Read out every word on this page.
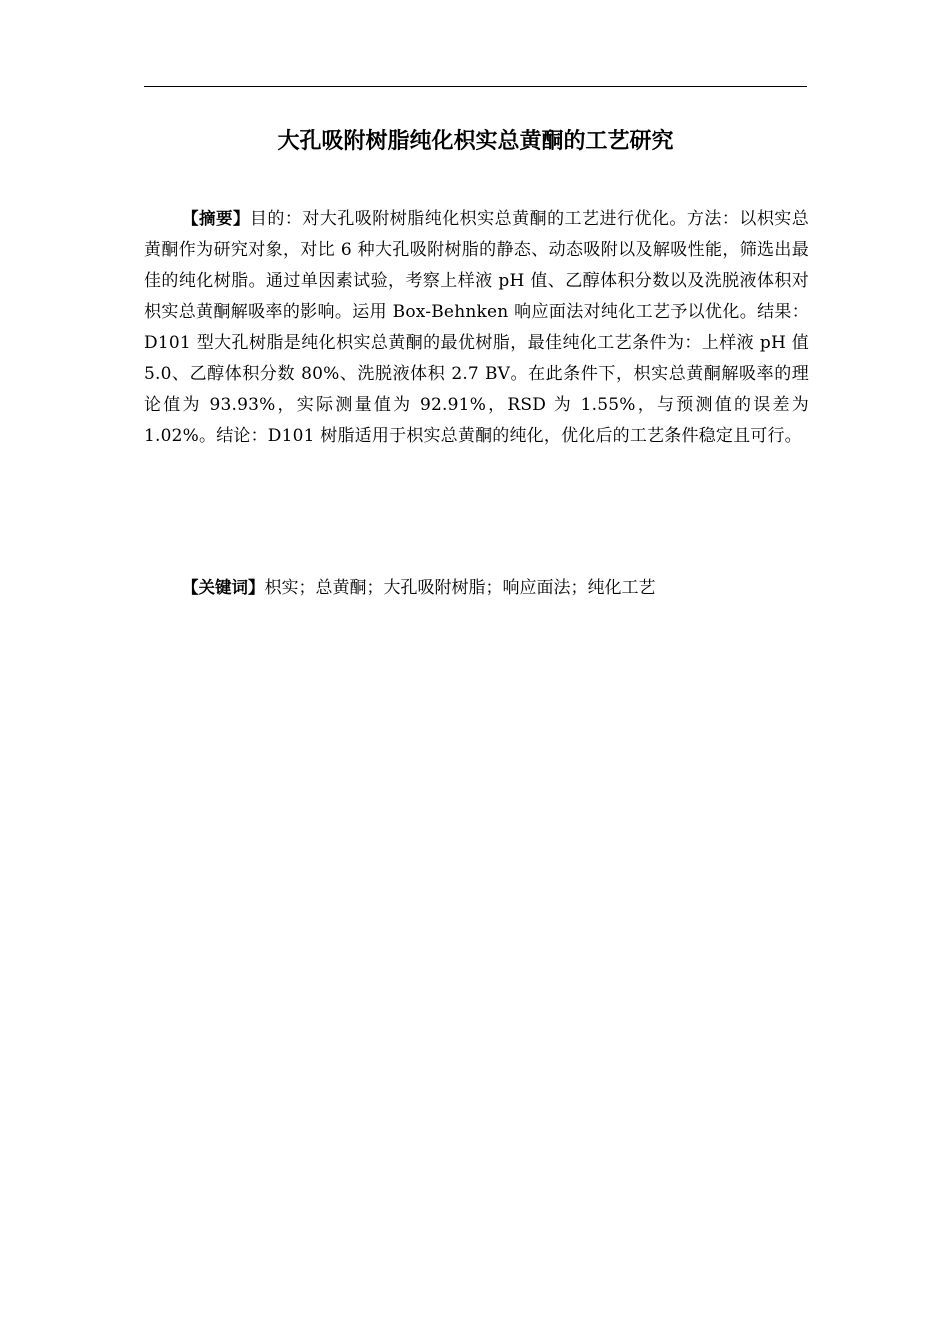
大孔吸附树脂纯化枳实总黄酮的工艺研究

【摘要】目的：对大孔吸附树脂纯化枳实总黄酮的工艺进行优化。方法：以枳实总黄酮作为研究对象，对比 6 种大孔吸附树脂的静态、动态吸附以及解吸性能，筛选出最佳的纯化树脂。通过单因素试验，考察上样液 pH 值、乙醇体积分数以及洗脱液体积对枳实总黄酮解吸率的影响。运用 Box-Behnken 响应面法对纯化工艺予以优化。结果：D101 型大孔树脂是纯化枳实总黄酮的最优树脂，最佳纯化工艺条件为：上样液 pH 值 5.0、乙醇体积分数 80%、洗脱液体积 2.7 BV。在此条件下，枳实总黄酮解吸率的理论值为 93.93%，实际测量值为 92.91%，RSD 为 1.55%，与预测值的误差为 1.02%。结论：D101 树脂适用于枳实总黄酮的纯化，优化后的工艺条件稳定且可行。

【关键词】枳实；总黄酮；大孔吸附树脂；响应面法；纯化工艺
